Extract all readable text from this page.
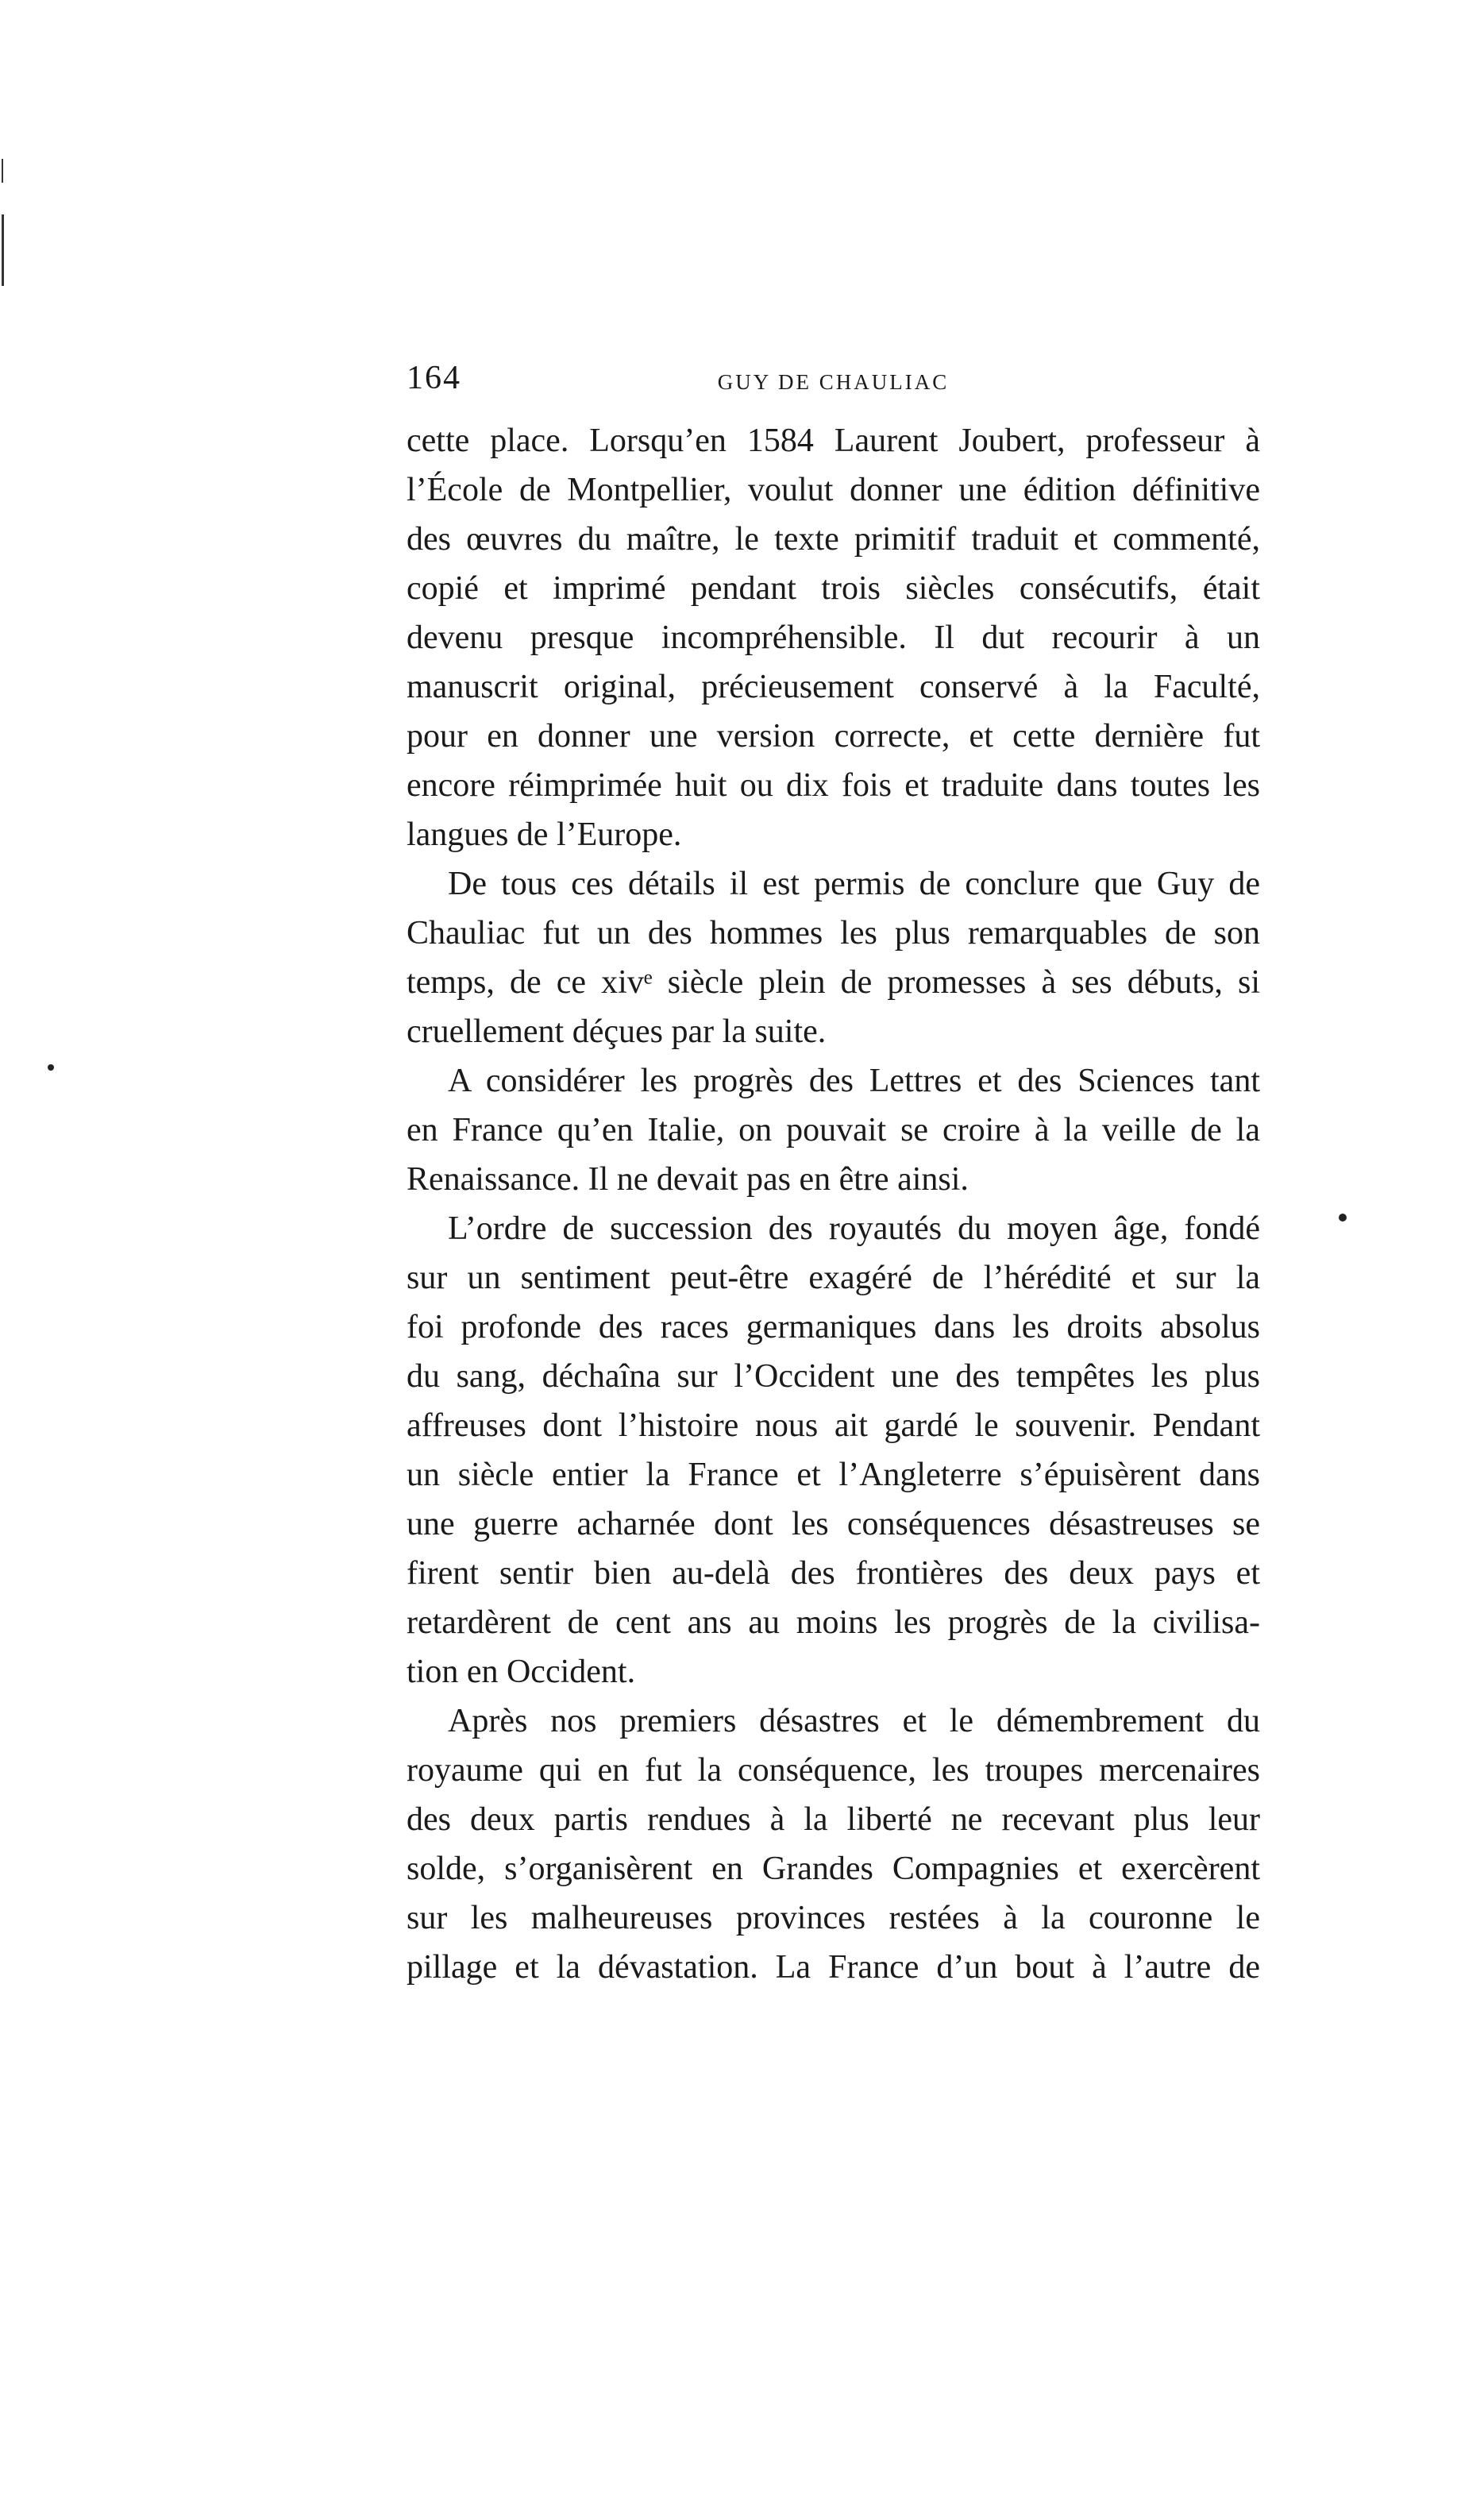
164	GUY DE CHAULIAC
cette place. Lorsqu’en 1584 Laurent Joubert, professeur à
l’École de Montpellier, voulut donner une édition définitive
des œuvres du maître, le texte primitif traduit et commenté,
copié et imprimé pendant trois siècles consécutifs, était
devenu presque incompréhensible. Il dut recourir à un
manuscrit original, précieusement conservé à la Faculté,
pour en donner une version correcte, et cette dernière fut
encore réimprimée huit ou dix fois et traduite dans toutes les
langues de l’Europe.
De tous ces détails il est permis de conclure que Guy de
Chauliac fut un des hommes les plus remarquables de son
temps, de ce xivᵉ siècle plein de promesses à ses débuts, si
cruellement déçues par la suite.
A considérer les progrès des Lettres et des Sciences tant
en France qu’en Italie, on pouvait se croire à la veille de la
Renaissance. Il ne devait pas en être ainsi.
L’ordre de succession des royautés du moyen âge, fondé
sur un sentiment peut-être exagéré de l’hérédité et sur la
foi profonde des races germaniques dans les droits absolus
du sang, déchaîna sur l’Occident une des tempêtes les plus
affreuses dont l’histoire nous ait gardé le souvenir. Pendant
un siècle entier la France et l’Angleterre s’épuisèrent dans
une guerre acharnée dont les conséquences désastreuses se
firent sentir bien au-delà des frontières des deux pays et
retardèrent de cent ans au moins les progrès de la civilisa-
tion en Occident.
Après nos premiers désastres et le démembrement du
royaume qui en fut la conséquence, les troupes mercenaires
des deux partis rendues à la liberté ne recevant plus leur
solde, s’organisèrent en Grandes Compagnies et exercèrent
sur les malheureuses provinces restées à la couronne le
pillage et la dévastation. La France d’un bout à l’autre de
